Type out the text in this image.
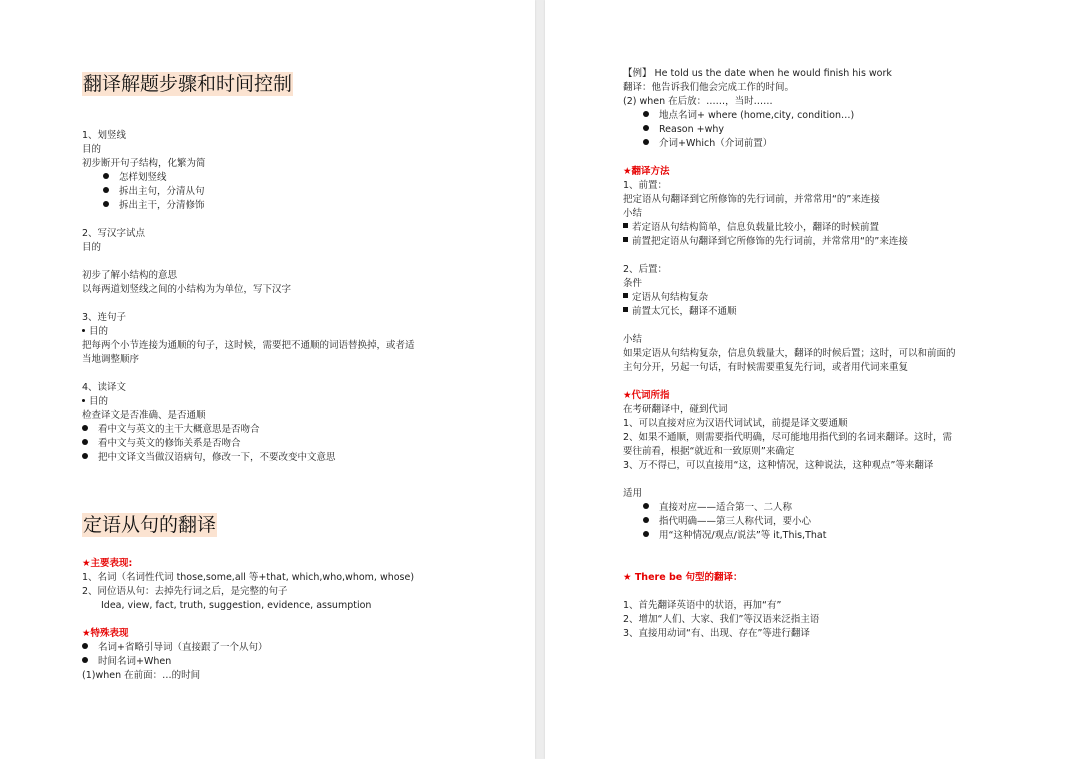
翻译解题步骤和时间控制
1、划竖线
目的
初步断开句子结构，化繁为简
怎样划竖线
拆出主句，分清从句
拆出主干，分清修饰
2、写汉字试点
目的
初步了解小结构的意思
以每两道划竖线之间的小结构为为单位，写下汉字
3、连句子
目的
把每两个小节连接为通顺的句子，这时候，需要把不通顺的词语替换掉，或者适
当地调整顺序
4、读译文
目的
检查译文是否准确、是否通顺
看中文与英文的主干大概意思是否吻合
看中文与英文的修饰关系是否吻合
把中文译文当做汉语病句，修改一下，不要改变中文意思
定语从句的翻译
★主要表现:
1、名词（名词性代词 those,some,all 等+that, which,who,whom, whose)
2、同位语从句：去掉先行词之后，是完整的句子
Idea, view, fact, truth, suggestion, evidence, assumption
★特殊表现
名词+省略引导词（直接跟了一个从句）
时间名词+When
(1)when 在前面：…的时间
【例】 He told us the date when he would finish his work
翻译：他告诉我们他会完成工作的时间。
(2) when 在后放：……，当时……
地点名词+ where (home,city, condition…)
Reason +why
介词+Which（介词前置）
★翻译方法
1、前置：
把定语从句翻译到它所修饰的先行词前，并常常用“的”来连接
小结
若定语从句结构简单，信息负载量比较小，翻译的时候前置
前置把定语从句翻译到它所修饰的先行词前，并常常用“的”来连接
2、后置：
条件
定语从句结构复杂
前置太冗长，翻译不通顺
小结
如果定语从句结构复杂，信息负载量大，翻译的时候后置；这时，可以和前面的
主句分开，另起一句话，有时候需要重复先行词，或者用代词来重复
★代词所指
在考研翻译中，碰到代词
1、可以直接对应为汉语代词试试，前提是译文要通顺
2、如果不通顺，则需要指代明确，尽可能地用指代到的名词来翻译。这时，需
要往前看，根据“就近和一致原则”来确定
3、万不得已，可以直接用“这，这种情况，这种说法，这种观点”等来翻译
适用
直接对应——适合第一、二人称
指代明确——第三人称代词，要小心
用“这种情况/观点/说法”等 it,This,That
★ There be 句型的翻译：
1、首先翻译英语中的状语，再加“有”
2、增加“人们、大家、我们”等汉语来泛指主语
3、直接用动词“有、出现、存在”等进行翻译
